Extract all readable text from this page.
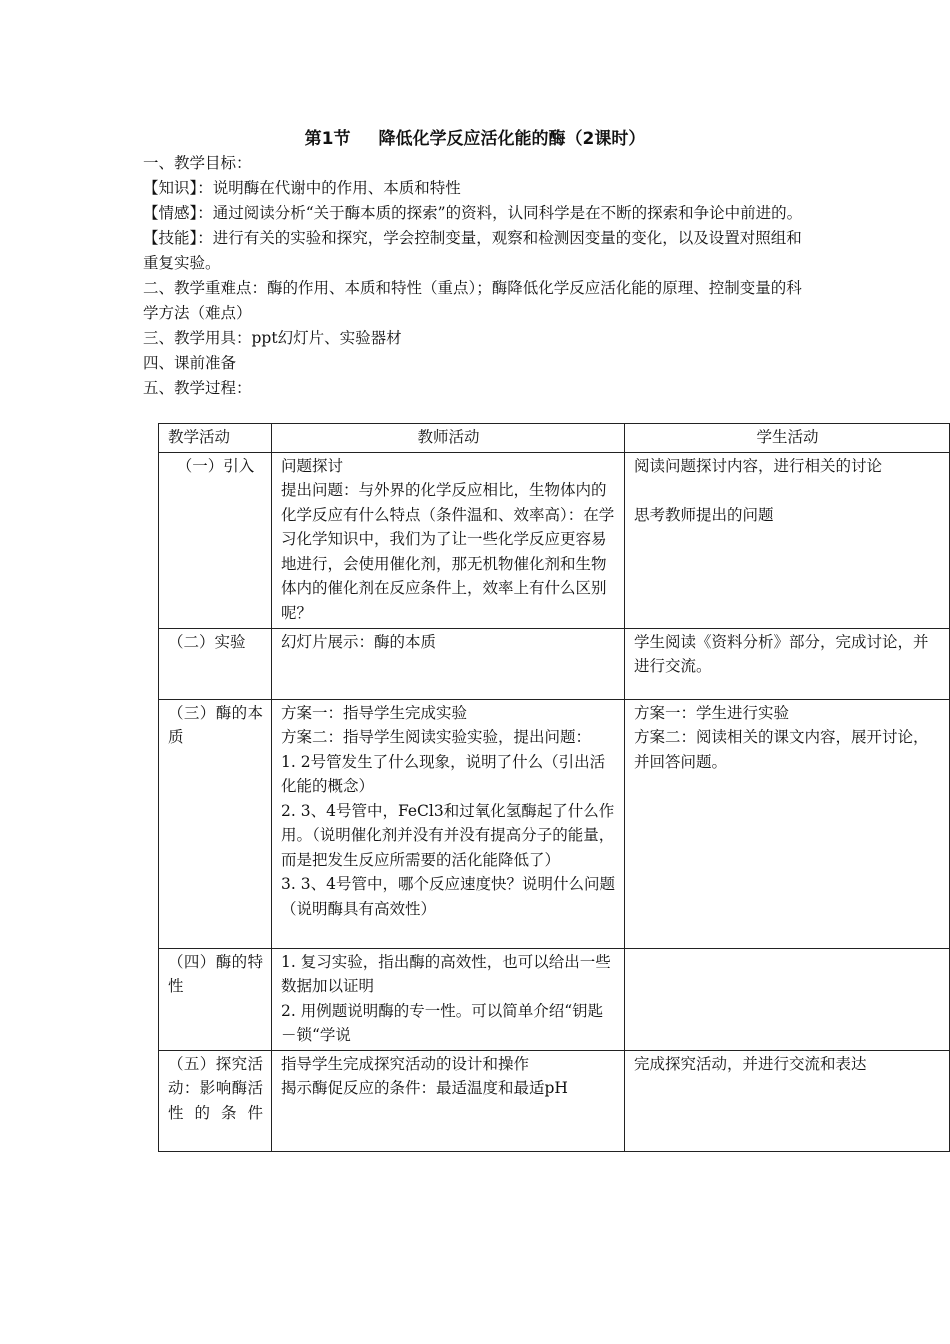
第1节 降低化学反应活化能的酶（2课时）

一、教学目标：

【知识】：说明酶在代谢中的作用、本质和特性

【情感】：通过阅读分析“关于酶本质的探索”的资料，认同科学是在不断的探索和争论中前进的。

【技能】：进行有关的实验和探究，学会控制变量，观察和检测因变量的变化，以及设置对照组和重复实验。

二、教学重难点：酶的作用、本质和特性（重点）；酶降低化学反应活化能的原理、控制变量的科学方法（难点）

三、教学用具：ppt幻灯片、实验器材

四、课前准备

五、教学过程：

教学活动	教师活动	学生活动
（一）引入	问题探讨
提出问题：与外界的化学反应相比，生物体内的化学反应有什么特点（条件温和、效率高）：在学习化学知识中，我们为了让一些化学反应更容易地进行，会使用催化剂，那无机物催化剂和生物体内的催化剂在反应条件上，效率上有什么区别呢？	阅读问题探讨内容，进行相关的讨论
思考教师提出的问题

（二）实验	幻灯片展示：酶的本质	学生阅读《资料分析》部分，完成讨论，并进行交流。

（三）酶的本质	方案一：指导学生完成实验
方案二：指导学生阅读实验实验，提出问题：
1. 2号管发生了什么现象，说明了什么（引出活化能的概念）
2. 3、4号管中，FeCl3和过氧化氢酶起了什么作用。（说明催化剂并没有并没有提高分子的能量，而是把发生反应所需要的活化能降低了）
3. 3、4号管中，哪个反应速度快？说明什么问题（说明酶具有高效性）	方案一：学生进行实验
方案二：阅读相关的课文内容，展开讨论，并回答问题。

（四）酶的特性	1. 复习实验，指出酶的高效性，也可以给出一些数据加以证明
2. 用例题说明酶的专一性。可以简单介绍“钥匙－锁“学说	

（五）探究活动：影响酶活性的条件	指导学生完成探究活动的设计和操作
揭示酶促反应的条件：最适温度和最适pH	完成探究活动，并进行交流和表达
